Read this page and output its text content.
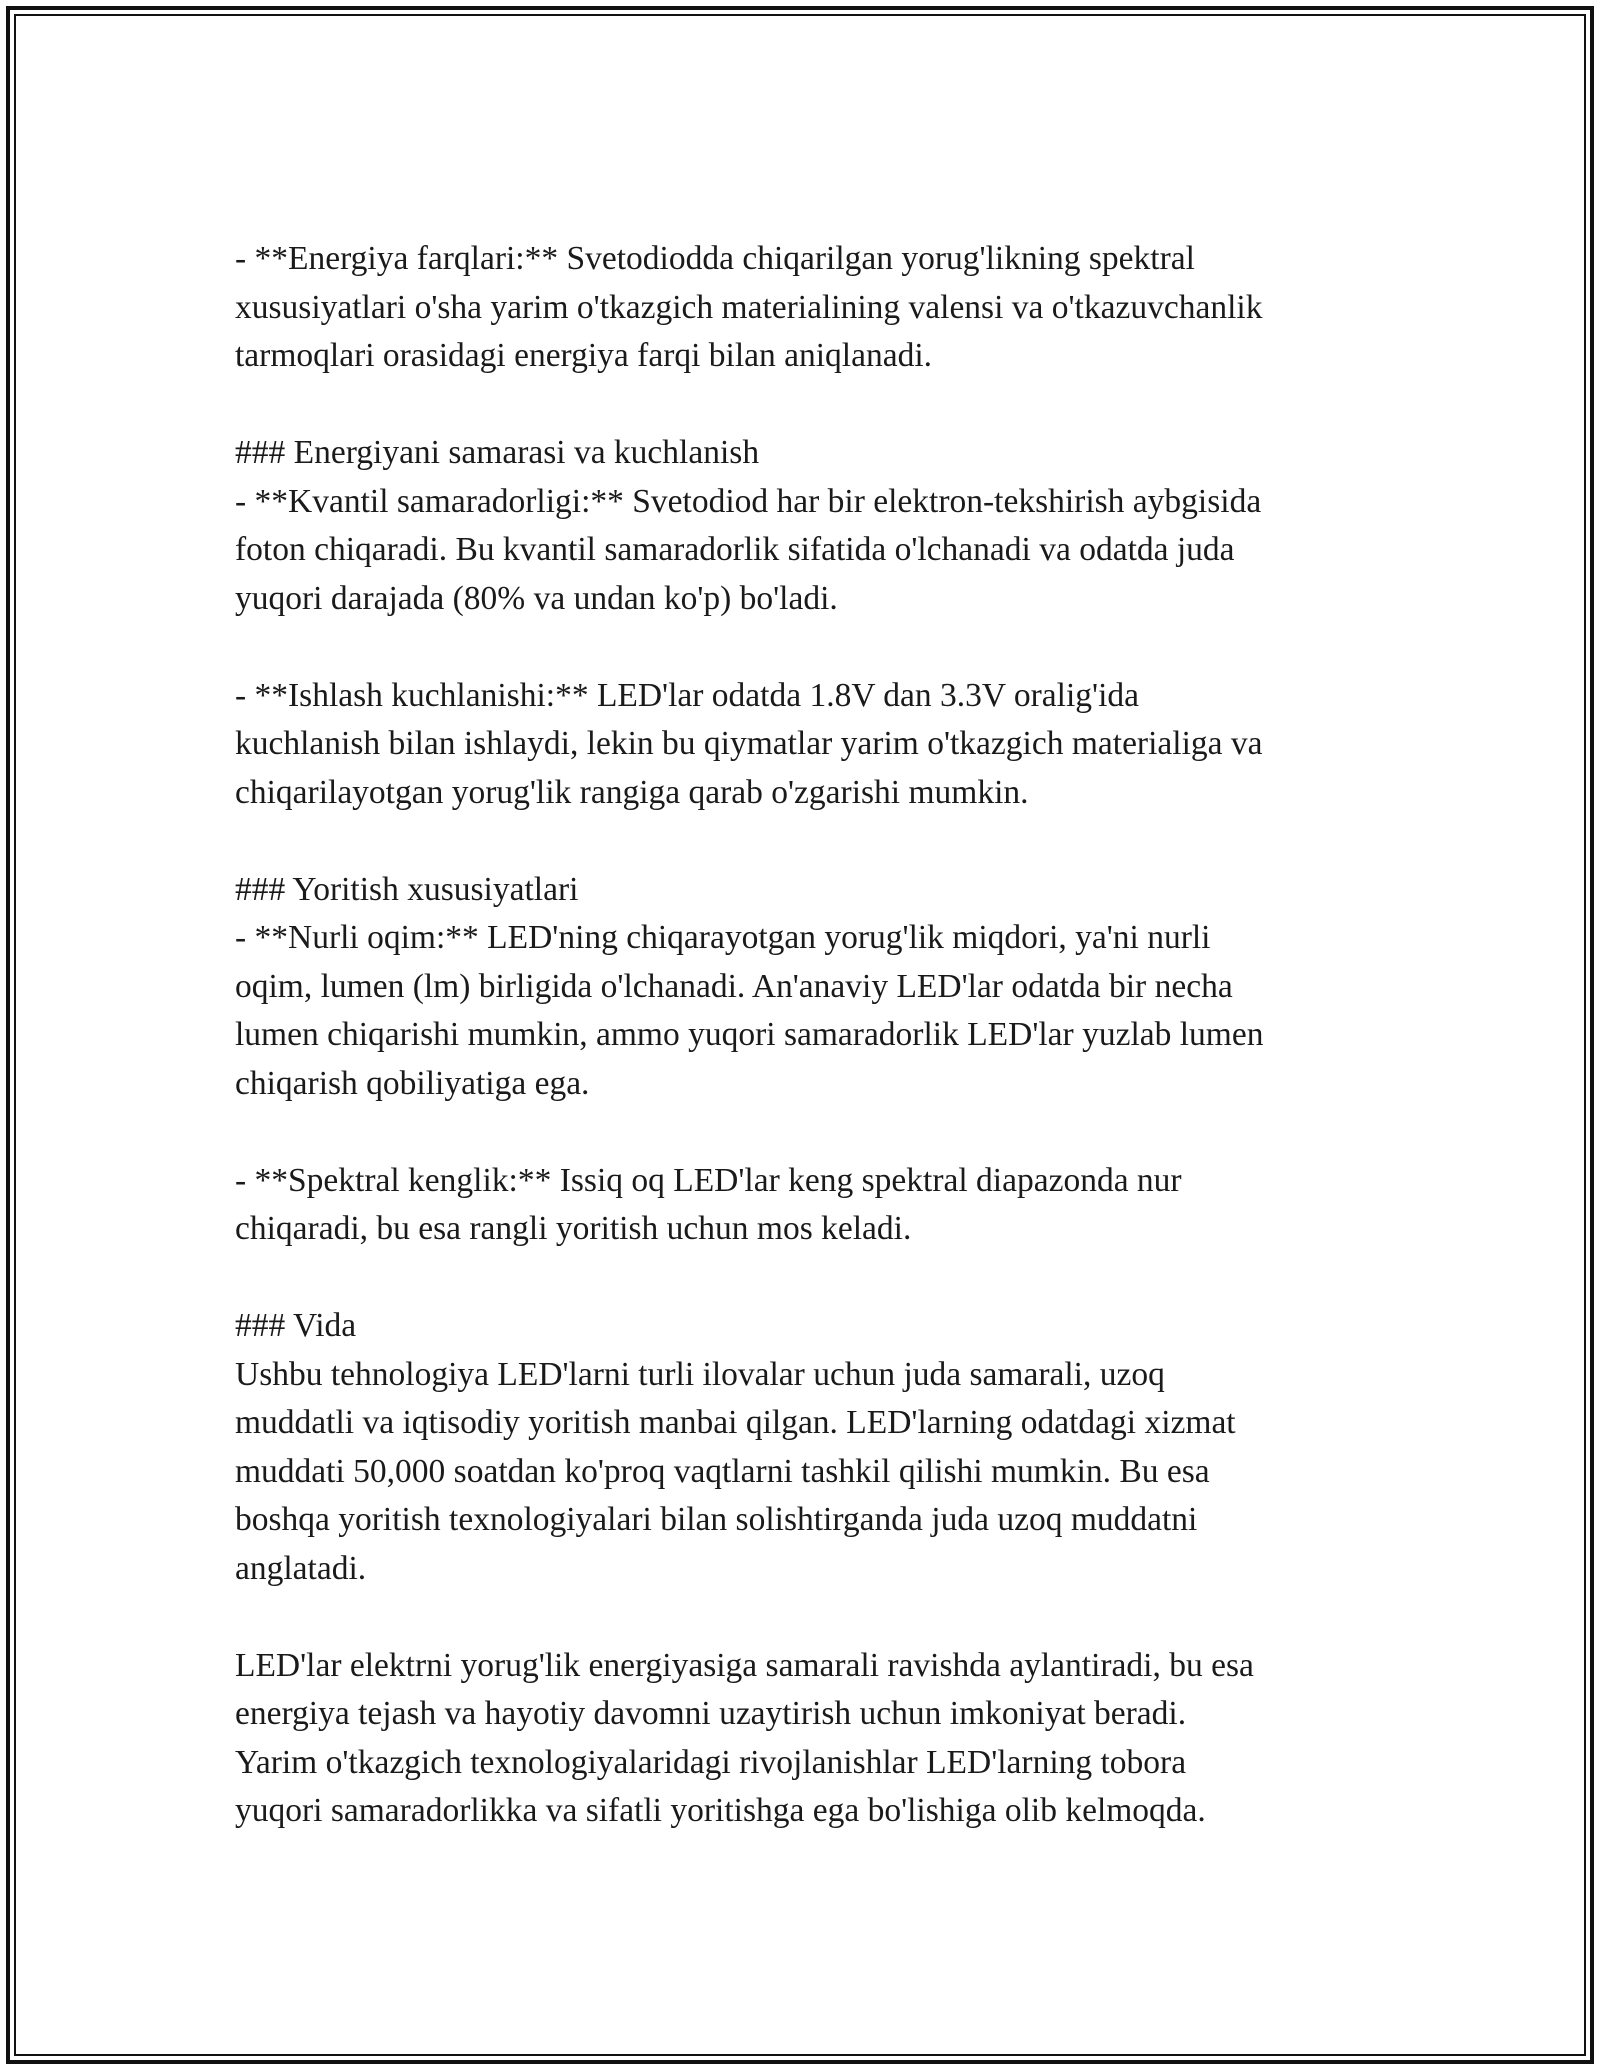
- **Energiya farqlari:** Svetodiodda chiqarilgan yorug'likning spektral
xususiyatlari o'sha yarim o'tkazgich materialining valensi va o'tkazuvchanlik
tarmoqlari orasidagi energiya farqi bilan aniqlanadi.
### Energiyani samarasi va kuchlanish
- **Kvantil samaradorligi:** Svetodiod har bir elektron-tekshirish aybgisida
foton chiqaradi. Bu kvantil samaradorlik sifatida o'lchanadi va odatda juda
yuqori darajada (80% va undan ko'p) bo'ladi.
- **Ishlash kuchlanishi:** LED'lar odatda 1.8V dan 3.3V oralig'ida
kuchlanish bilan ishlaydi, lekin bu qiymatlar yarim o'tkazgich materialiga va
chiqarilayotgan yorug'lik rangiga qarab o'zgarishi mumkin.
### Yoritish xususiyatlari
- **Nurli oqim:** LED'ning chiqarayotgan yorug'lik miqdori, ya'ni nurli
oqim, lumen (lm) birligida o'lchanadi. An'anaviy LED'lar odatda bir necha
lumen chiqarishi mumkin, ammo yuqori samaradorlik LED'lar yuzlab lumen
chiqarish qobiliyatiga ega.
- **Spektral kenglik:** Issiq oq LED'lar keng spektral diapazonda nur
chiqaradi, bu esa rangli yoritish uchun mos keladi.
### Vida
Ushbu tehnologiya LED'larni turli ilovalar uchun juda samarali, uzoq
muddatli va iqtisodiy yoritish manbai qilgan. LED'larning odatdagi xizmat
muddati 50,000 soatdan ko'proq vaqtlarni tashkil qilishi mumkin. Bu esa
boshqa yoritish texnologiyalari bilan solishtirganda juda uzoq muddatni
anglatadi.
LED'lar elektrni yorug'lik energiyasiga samarali ravishda aylantiradi, bu esa
energiya tejash va hayotiy davomni uzaytirish uchun imkoniyat beradi.
Yarim o'tkazgich texnologiyalaridagi rivojlanishlar LED'larning tobora
yuqori samaradorlikka va sifatli yoritishga ega bo'lishiga olib kelmoqda.
